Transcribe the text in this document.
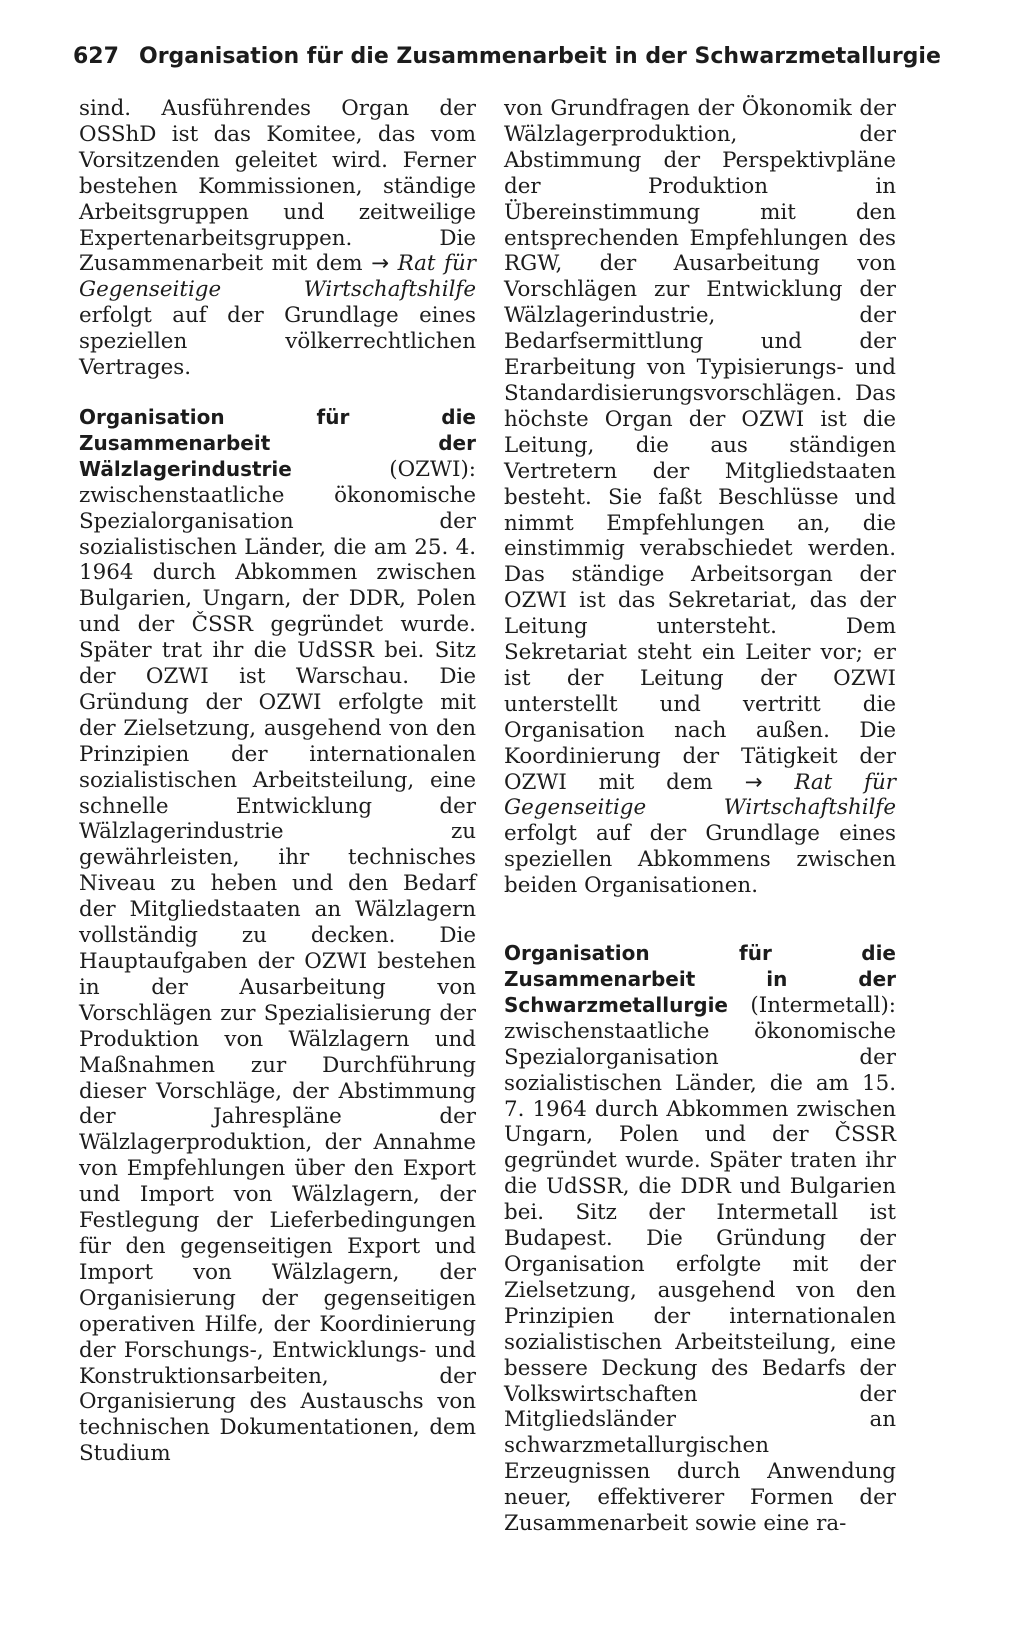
627 Organisation für die Zusammenarbeit in der Schwarzmetallurgie

sind. Ausführendes Organ der OSShD ist das Komitee, das vom Vorsitzenden geleitet wird. Ferner bestehen Kommissionen, ständige Arbeitsgruppen und zeitweilige Expertenarbeitsgruppen. Die Zusammenarbeit mit dem → Rat für Gegenseitige Wirtschaftshilfe erfolgt auf der Grundlage eines speziellen völkerrechtlichen Vertrages.

Organisation für die Zusammenarbeit der Wälzlagerindustrie	(OZWI): zwischenstaatliche ökonomische Spezialorganisation der sozialistischen Länder, die am 25. 4. 1964 durch Abkommen zwischen Bulgarien, Ungarn, der DDR, Polen und der ČSSR gegründet wurde. Später trat ihr die UdSSR bei. Sitz der OZWI ist Warschau. Die Gründung der OZWI erfolgte mit der Zielsetzung, ausgehend von den Prinzipien der internationalen sozialistischen Arbeitsteilung, eine schnelle Entwicklung der Wälzlagerindustrie zu gewährleisten, ihr technisches Niveau zu heben und den Bedarf der Mitgliedstaaten an Wälzlagern vollständig zu decken. Die Hauptaufgaben der OZWI bestehen in der Ausarbeitung von Vorschlägen zur Spezialisierung der Produktion von Wälzlagern und Maßnahmen zur Durchführung dieser Vorschläge, der Abstimmung der Jahrespläne der Wälzlagerproduktion, der Annahme von Empfehlungen über den Export und Import von Wälzlagern, der Festlegung der Lieferbedingungen für den gegenseitigen Export und Import von Wälzlagern, der Organisierung der gegenseitigen operativen Hilfe, der Koordinierung der Forschungs-, Entwicklungs- und Konstruktionsarbeiten, der Organisierung des Austauschs von technischen Dokumentationen, dem Studium

von Grundfragen der Ökonomik der Wälzlagerproduktion, der Abstimmung der Perspektivpläne der Produktion in Übereinstimmung mit den entsprechenden Empfehlungen des RGW, der Ausarbeitung von Vorschlägen zur Entwicklung der Wälzlagerindustrie, der Bedarfsermittlung und der Erarbeitung von Typisierungs- und Standardisierungsvorschlägen. Das höchste Organ der OZWI ist die Leitung, die aus ständigen Vertretern der Mitgliedstaaten besteht. Sie faßt Beschlüsse und nimmt Empfehlungen an, die einstimmig verabschiedet werden. Das ständige Arbeitsorgan der OZWI ist das Sekretariat, das der Leitung untersteht. Dem Sekretariat steht ein Leiter vor; er ist der Leitung der OZWI unterstellt und vertritt die Organisation nach außen. Die Koordinierung der Tätigkeit der OZWI mit dem → Rat für Gegenseitige Wirtschaftshilfe erfolgt auf der Grundlage eines speziellen Abkommens zwischen beiden Organisationen.

Organisation für die Zusammenarbeit in der Schwarzmetallurgie (Intermetall): zwischenstaatliche ökonomische Spezialorganisation der sozialistischen Länder, die am 15. 7. 1964 durch Abkommen zwischen Ungarn, Polen und der ČSSR gegründet wurde. Später traten ihr die UdSSR, die DDR und Bulgarien bei. Sitz der Intermetall ist Budapest. Die Gründung der Organisation erfolgte mit der Zielsetzung, ausgehend von den Prinzipien der internationalen sozialistischen Arbeitsteilung, eine bessere Deckung des Bedarfs der Volkswirtschaften der Mitgliedsländer an schwarzmetallurgischen Erzeugnissen durch Anwendung neuer, effektiverer Formen der Zusammenarbeit sowie eine ra-
